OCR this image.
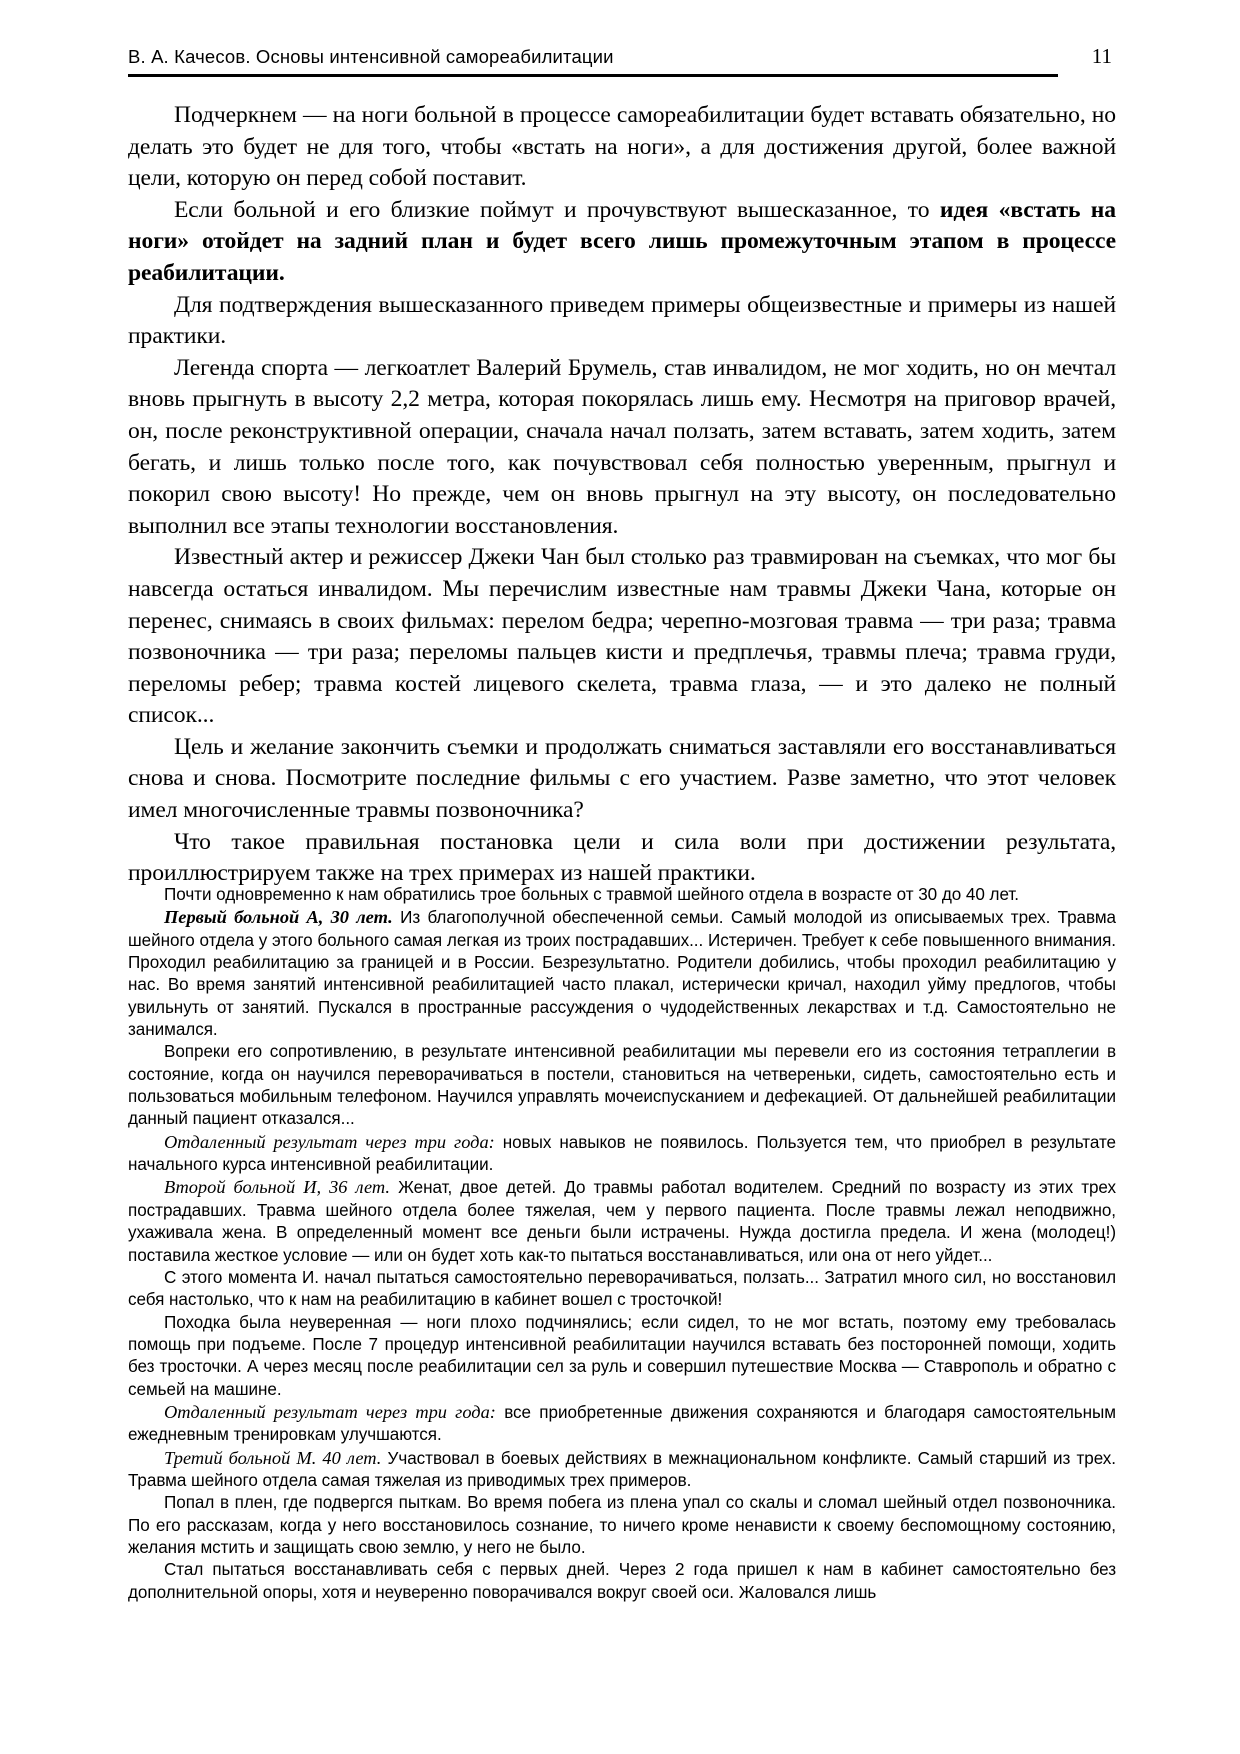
В. А. Качесов. Основы интенсивной самореабилитации	11

Подчеркнем — на ноги больной в процессе самореабилитации будет вставать обязательно, но делать это будет не для того, чтобы «встать на ноги», а для достижения другой, более важной цели, которую он перед собой поставит.

Если больной и его близкие поймут и прочувствуют вышесказанное, то идея «встать на ноги» отойдет на задний план и будет всего лишь промежуточным этапом в процессе реабилитации.

Для подтверждения вышесказанного приведем примеры общеизвестные и примеры из нашей практики.

Легенда спорта — легкоатлет Валерий Брумель, став инвалидом, не мог ходить, но он мечтал вновь прыгнуть в высоту 2,2 метра, которая покорялась лишь ему. Несмотря на приговор врачей, он, после реконструктивной операции, сначала начал ползать, затем вставать, затем ходить, затем бегать, и лишь только после того, как почувствовал себя полностью уверенным, прыгнул и покорил свою высоту! Но прежде, чем он вновь прыгнул на эту высоту, он последовательно выполнил все этапы технологии восстановления.

Известный актер и режиссер Джеки Чан был столько раз травмирован на съемках, что мог бы навсегда остаться инвалидом. Мы перечислим известные нам травмы Джеки Чана, которые он перенес, снимаясь в своих фильмах: перелом бедра; черепно-мозговая травма — три раза; травма позвоночника — три раза; переломы пальцев кисти и предплечья, травмы плеча; травма груди, переломы ребер; травма костей лицевого скелета, травма глаза, — и это далеко не полный список...

Цель и желание закончить съемки и продолжать сниматься заставляли его восстанавливаться снова и снова. Посмотрите последние фильмы с его участием. Разве заметно, что этот человек имел многочисленные травмы позвоночника?

Что такое правильная постановка цели и сила воли при достижении результата, проиллюстрируем также на трех примерах из нашей практики.

Почти одновременно к нам обратились трое больных с травмой шейного отдела в возрасте от 30 до 40 лет.

Первый больной А, 30 лет. Из благополучной обеспеченной семьи. Самый молодой из описываемых трех. Травма шейного отдела у этого больного самая легкая из троих пострадавших... Истеричен. Требует к себе повышенного внимания. Проходил реабилитацию за границей и в России. Безрезультатно. Родители добились, чтобы проходил реабилитацию у нас. Во время занятий интенсивной реабилитацией часто плакал, истерически кричал, находил уйму предлогов, чтобы увильнуть от занятий. Пускался в пространные рассуждения о чудодейственных лекарствах и т.д. Самостоятельно не занимался.

Вопреки его сопротивлению, в результате интенсивной реабилитации мы перевели его из состояния тетраплегии в состояние, когда он научился переворачиваться в постели, становиться на четвереньки, сидеть, самостоятельно есть и пользоваться мобильным телефоном. Научился управлять мочеиспусканием и дефекацией. От дальнейшей реабилитации данный пациент отказался...

Отдаленный результат через три года: новых навыков не появилось. Пользуется тем, что приобрел в результате начального курса интенсивной реабилитации.

Второй больной И, 36 лет. Женат, двое детей. До травмы работал водителем. Средний по возрасту из этих трех пострадавших. Травма шейного отдела более тяжелая, чем у первого пациента. После травмы лежал неподвижно, ухаживала жена. В определенный момент все деньги были истрачены. Нужда достигла предела. И жена (молодец!) поставила жесткое условие — или он будет хоть как-то пытаться восстанавливаться, или она от него уйдет...

С этого момента И. начал пытаться самостоятельно переворачиваться, ползать... Затратил много сил, но восстановил себя настолько, что к нам на реабилитацию в кабинет вошел с тросточкой!

Походка была неуверенная — ноги плохо подчинялись; если сидел, то не мог встать, поэтому ему требовалась помощь при подъеме. После 7 процедур интенсивной реабилитации научился вставать без посторонней помощи, ходить без тросточки. А через месяц после реабилитации сел за руль и совершил путешествие Москва — Ставрополь и обратно с семьей на машине.

Отдаленный результат через три года: все приобретенные движения сохраняются и благодаря самостоятельным ежедневным тренировкам улучшаются.

Третий больной М. 40 лет. Участвовал в боевых действиях в межнациональном конфликте. Самый старший из трех. Травма шейного отдела самая тяжелая из приводимых трех примеров.

Попал в плен, где подвергся пыткам. Во время побега из плена упал со скалы и сломал шейный отдел позвоночника. По его рассказам, когда у него восстановилось сознание, то ничего кроме ненависти к своему беспомощному состоянию, желания мстить и защищать свою землю, у него не было.

Стал пытаться восстанавливать себя с первых дней. Через 2 года пришел к нам в кабинет самостоятельно без дополнительной опоры, хотя и неуверенно поворачивался вокруг своей оси. Жаловался лишь
